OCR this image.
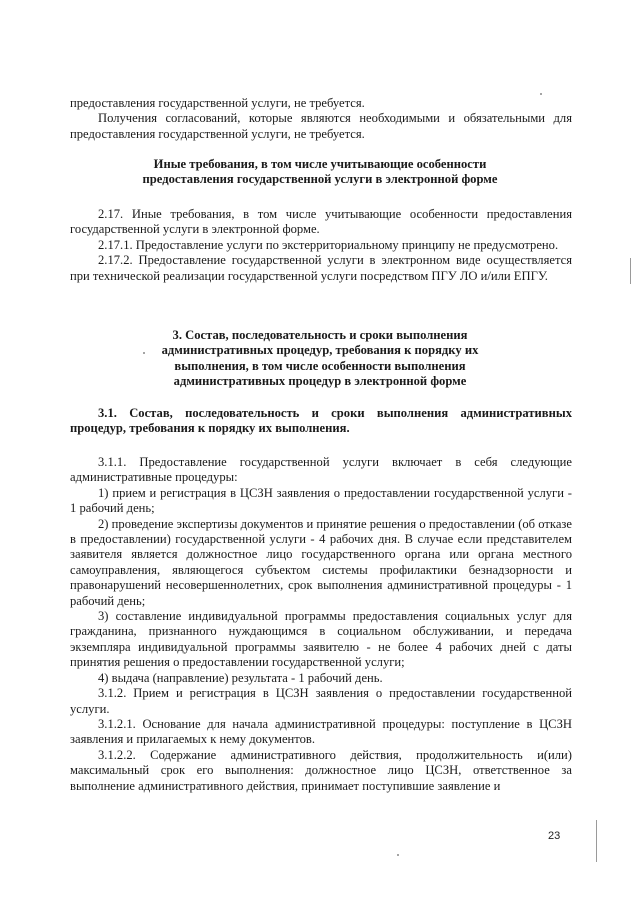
предоставления государственной услуги, не требуется.

Получения согласований, которые являются необходимыми и обязательными для предоставления государственной услуги, не требуется.

Иные требования, в том числе учитывающие особенности предоставления государственной услуги в электронной форме

2.17. Иные требования, в том числе учитывающие особенности предоставления государственной услуги в электронной форме.

2.17.1. Предоставление услуги по экстерриториальному принципу не предусмотрено.

2.17.2. Предоставление государственной услуги в электронном виде осуществляется при технической реализации государственной услуги посредством ПГУ ЛО и/или ЕПГУ.

3. Состав, последовательность и сроки выполнения административных процедур, требования к порядку их выполнения, в том числе особенности выполнения административных процедур в электронной форме

3.1. Состав, последовательность и сроки выполнения административных процедур, требования к порядку их выполнения.

3.1.1. Предоставление государственной услуги включает в себя следующие административные процедуры:

1) прием и регистрация в ЦСЗН заявления о предоставлении государственной услуги - 1 рабочий день;

2) проведение экспертизы документов и принятие решения о предоставлении (об отказе в предоставлении) государственной услуги - 4 рабочих дня. В случае если представителем заявителя является должностное лицо государственного органа или органа местного самоуправления, являющегося субъектом системы профилактики безнадзорности и правонарушений несовершеннолетних, срок выполнения административной процедуры - 1 рабочий день;

3) составление индивидуальной программы предоставления социальных услуг для гражданина, признанного нуждающимся в социальном обслуживании, и передача экземпляра индивидуальной программы заявителю - не более 4 рабочих дней с даты принятия решения о предоставлении государственной услуги;

4) выдача (направление) результата - 1 рабочий день.

3.1.2. Прием и регистрация в ЦСЗН заявления о предоставлении государственной услуги.

3.1.2.1. Основание для начала административной процедуры: поступление в ЦСЗН заявления и прилагаемых к нему документов.

3.1.2.2. Содержание административного действия, продолжительность и(или) максимальный срок его выполнения: должностное лицо ЦСЗН, ответственное за выполнение административного действия, принимает поступившие заявление и

23
